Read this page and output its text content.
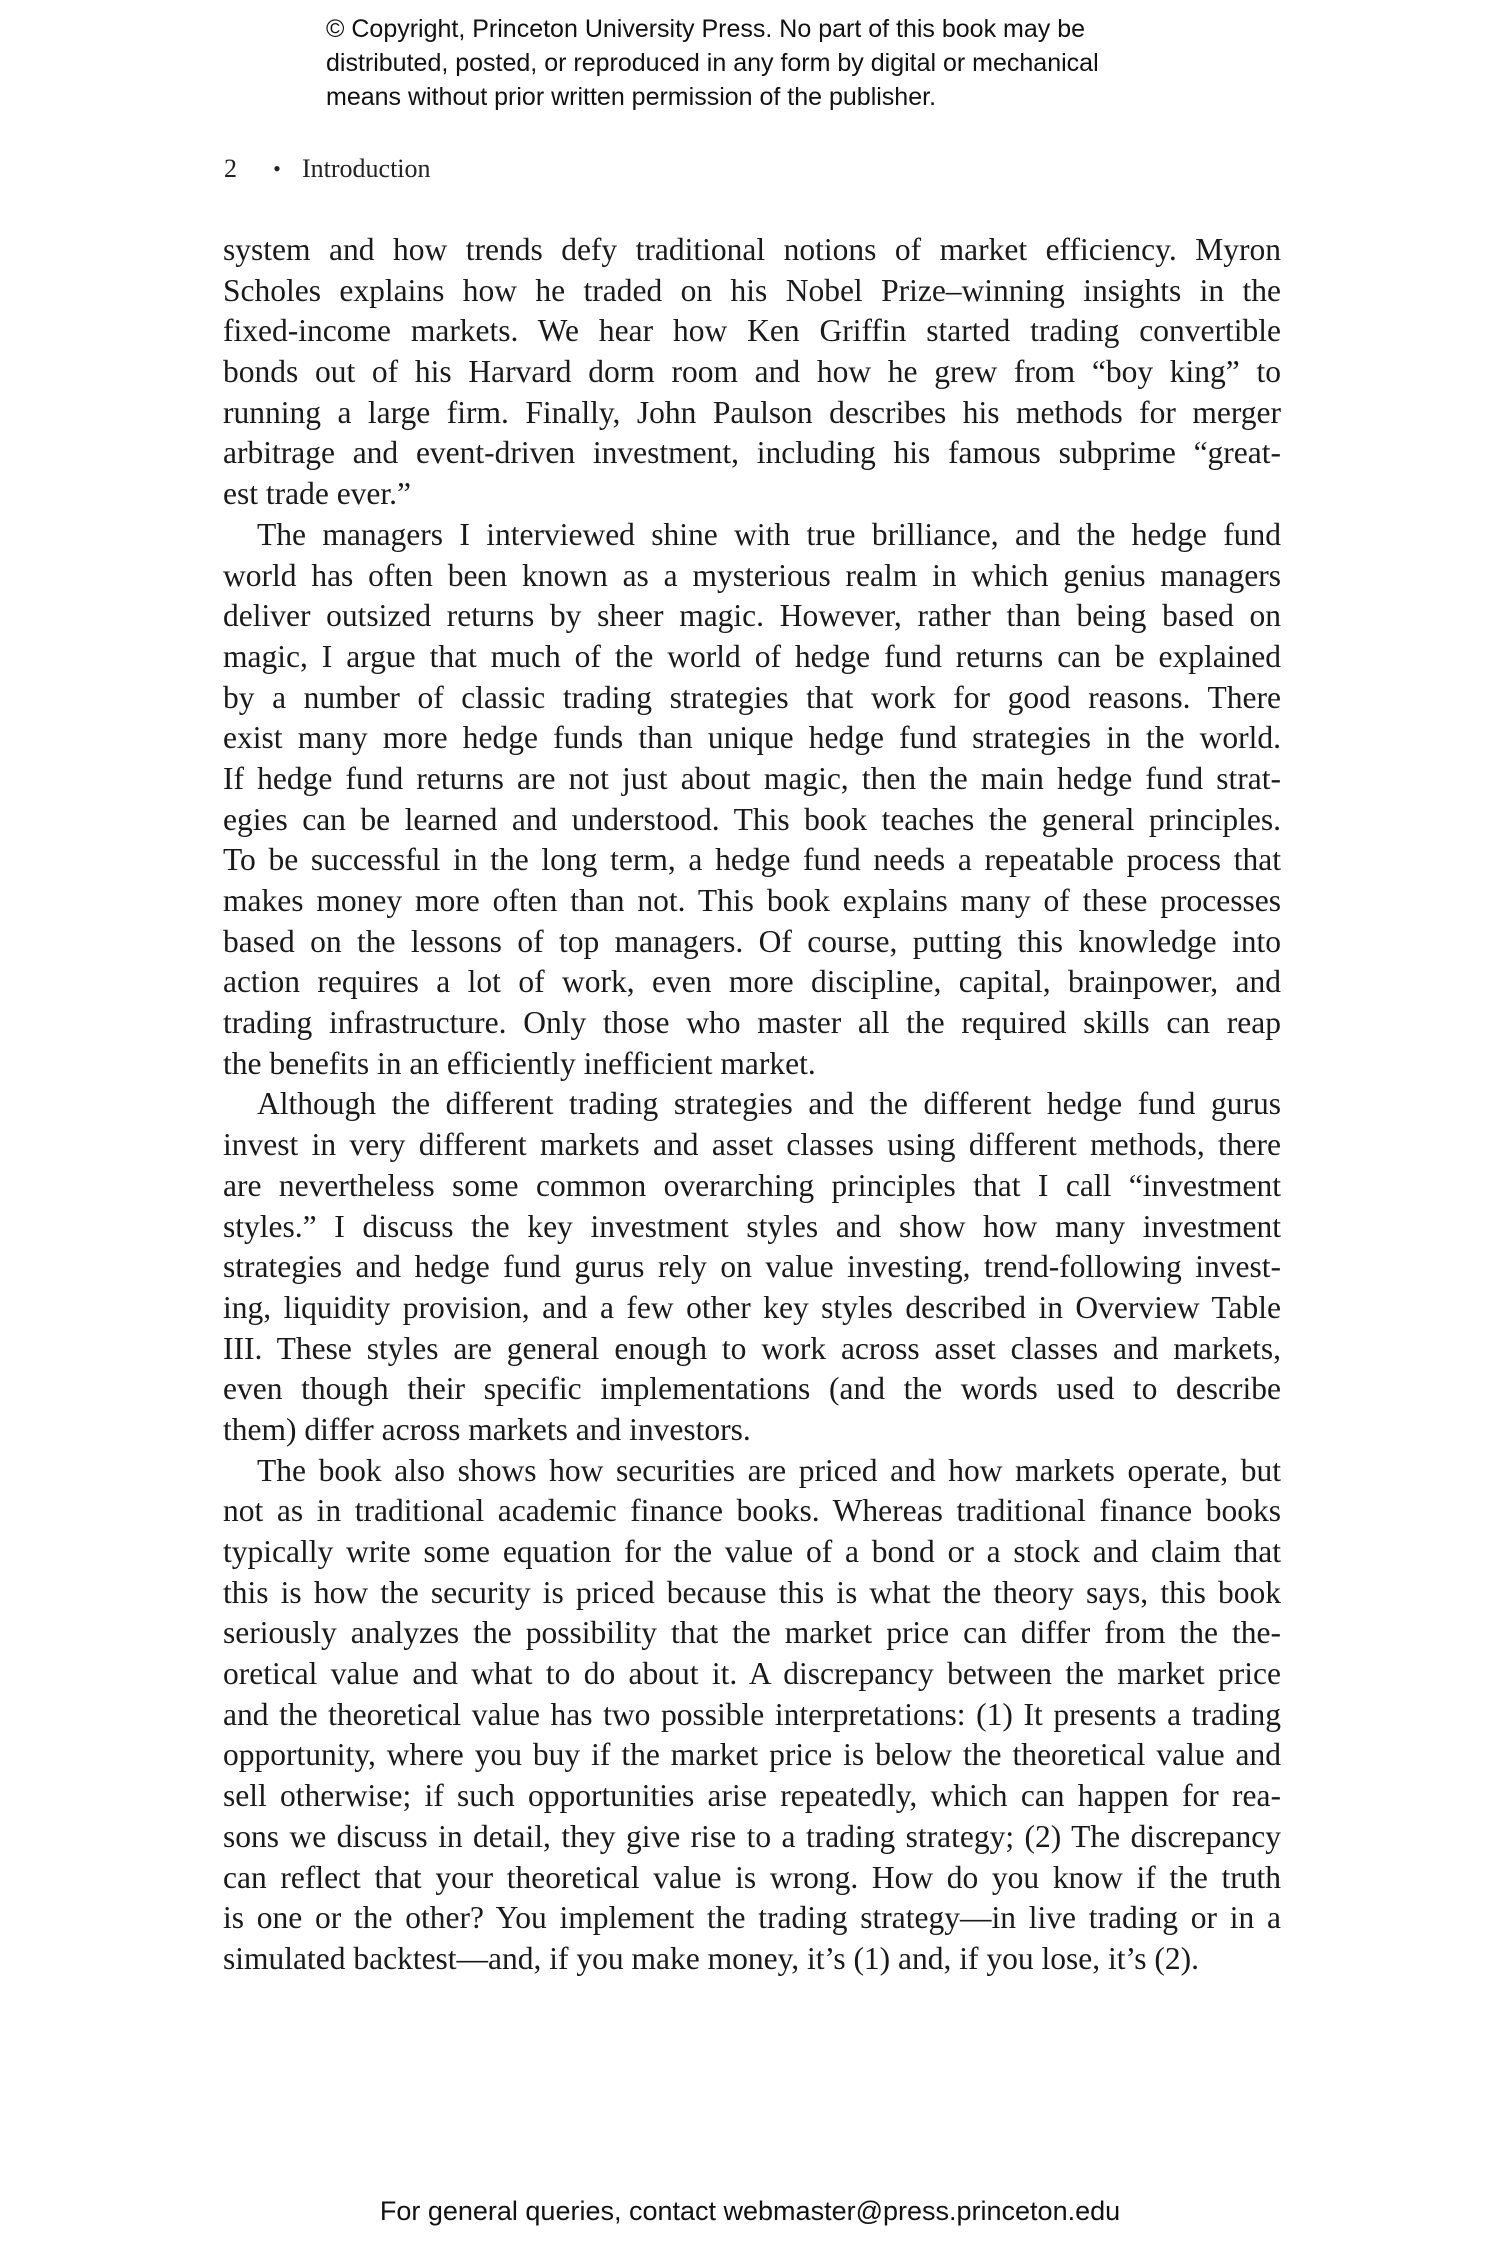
© Copyright, Princeton University Press. No part of this book may be
distributed, posted, or reproduced in any form by digital or mechanical
means without prior written permission of the publisher.
2	• Introduction
system and how trends defy traditional notions of market efficiency. Myron
Scholes explains how he traded on his Nobel Prize–winning insights in the
fixed-income markets. We hear how Ken Griffin started trading convertible
bonds out of his Harvard dorm room and how he grew from “boy king” to
running a large firm. Finally, John Paulson describes his methods for merger
arbitrage and event-driven investment, including his famous subprime “great-
est trade ever.”
The managers I interviewed shine with true brilliance, and the hedge fund
world has often been known as a mysterious realm in which genius managers
deliver outsized returns by sheer magic. However, rather than being based on
magic, I argue that much of the world of hedge fund returns can be explained
by a number of classic trading strategies that work for good reasons. There
exist many more hedge funds than unique hedge fund strategies in the world.
If hedge fund returns are not just about magic, then the main hedge fund strat-
egies can be learned and understood. This book teaches the general principles.
To be successful in the long term, a hedge fund needs a repeatable process that
makes money more often than not. This book explains many of these processes
based on the lessons of top managers. Of course, putting this knowledge into
action requires a lot of work, even more discipline, capital, brainpower, and
trading infrastructure. Only those who master all the required skills can reap
the benefits in an efficiently inefficient market.
Although the different trading strategies and the different hedge fund gurus
invest in very different markets and asset classes using different methods, there
are nevertheless some common overarching principles that I call “investment
styles.” I discuss the key investment styles and show how many investment
strategies and hedge fund gurus rely on value investing, trend-following invest-
ing, liquidity provision, and a few other key styles described in Overview Table
III. These styles are general enough to work across asset classes and markets,
even though their specific implementations (and the words used to describe
them) differ across markets and investors.
The book also shows how securities are priced and how markets operate, but
not as in traditional academic finance books. Whereas traditional finance books
typically write some equation for the value of a bond or a stock and claim that
this is how the security is priced because this is what the theory says, this book
seriously analyzes the possibility that the market price can differ from the the-
oretical value and what to do about it. A discrepancy between the market price
and the theoretical value has two possible interpretations: (1) It presents a trading
opportunity, where you buy if the market price is below the theoretical value and
sell otherwise; if such opportunities arise repeatedly, which can happen for rea-
sons we discuss in detail, they give rise to a trading strategy; (2) The discrepancy
can reflect that your theoretical value is wrong. How do you know if the truth
is one or the other? You implement the trading strategy—in live trading or in a
simulated backtest—and, if you make money, it’s (1) and, if you lose, it’s (2).
For general queries, contact webmaster@press.princeton.edu
